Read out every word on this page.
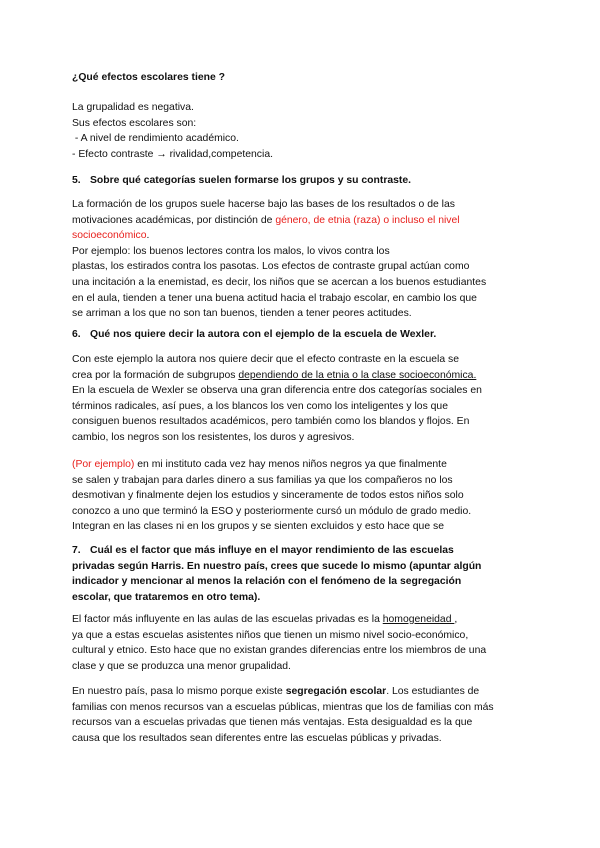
¿Qué efectos escolares tiene ?

La grupalidad es negativa.

Sus efectos escolares son:

- A nivel de rendimiento académico.

- Efecto contraste → rivalidad,competencia.

5. Sobre qué categorías suelen formarse los grupos y su contraste.

La formación de los grupos suele hacerse bajo las bases de los resultados o de las

motivaciones académicas, por distinción de género, de etnia (raza) o incluso el nivel

socioeconómico.

Por ejemplo: los buenos lectores contra los malos, lo vivos contra los

plastas, los estirados contra los pasotas. Los efectos de contraste grupal actúan como

una incitación a la enemistad, es decir, los niños que se acercan a los buenos estudiantes

en el aula, tienden a tener una buena actitud hacia el trabajo escolar, en cambio los que

se arriman a los que no son tan buenos, tienden a tener peores actitudes.

6. Qué nos quiere decir la autora con el ejemplo de la escuela de Wexler.

Con este ejemplo la autora nos quiere decir que el efecto contraste en la escuela se

crea por la formación de subgrupos dependiendo de la etnia o la clase socioeconómica.

En la escuela de Wexler se observa una gran diferencia entre dos categorías sociales en

términos radicales, así pues, a los blancos los ven como los inteligentes y los que

consiguen buenos resultados académicos, pero también como los blandos y flojos. En

cambio, los negros son los resistentes, los duros y agresivos.

(Por ejemplo) en mi instituto cada vez hay menos niños negros ya que finalmente

se salen y trabajan para darles dinero a sus familias ya que los compañeros no los

desmotivan y finalmente dejen los estudios y sinceramente de todos estos niños solo

conozco a uno que terminó la ESO y posteriormente cursó un módulo de grado medio.

Integran en las clases ni en los grupos y se sienten excluidos y esto hace que se

7. Cuál es el factor que más influye en el mayor rendimiento de las escuelas

privadas según Harris. En nuestro país, crees que sucede lo mismo (apuntar algún

indicador y mencionar al menos la relación con el fenómeno de la segregación

escolar, que trataremos en otro tema).

El factor más influyente en las aulas de las escuelas privadas es la homogeneidad ,

ya que a estas escuelas asistentes niños que tienen un mismo nivel socio-económico,

cultural y etnico. Esto hace que no existan grandes diferencias entre los miembros de una

clase y que se produzca una menor grupalidad.

En nuestro país, pasa lo mismo porque existe segregación escolar. Los estudiantes de

familias con menos recursos van a escuelas públicas, mientras que los de familias con más

recursos van a escuelas privadas que tienen más ventajas. Esta desigualdad es la que

causa que los resultados sean diferentes entre las escuelas públicas y privadas.
